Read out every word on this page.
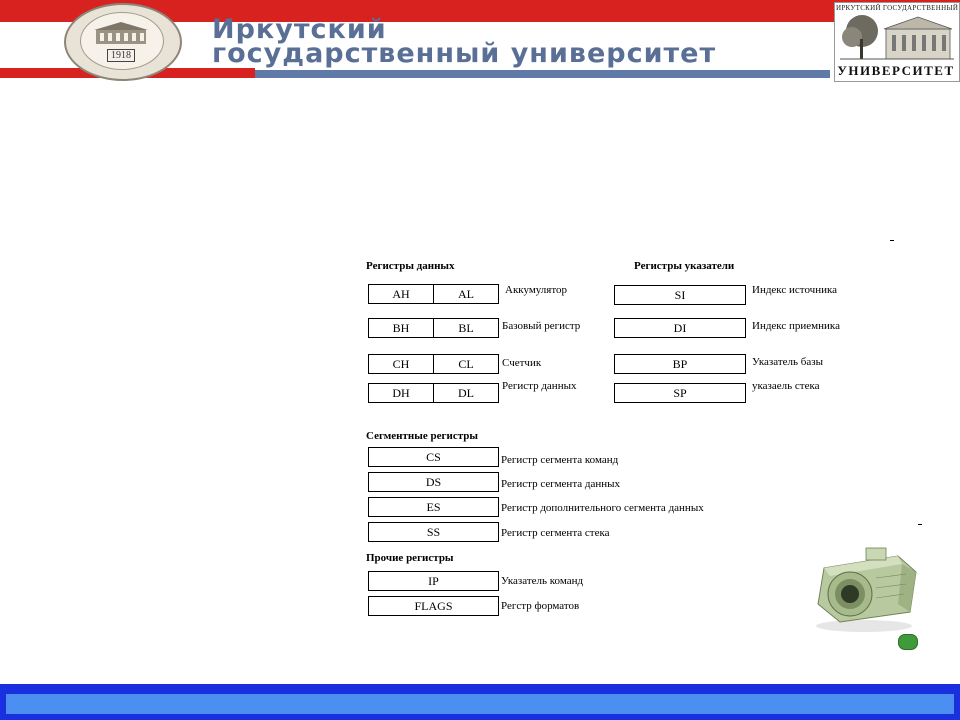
1918
Иркутский
государственный университет
ИРКУТСКИЙ ГОСУДАРСТВЕННЫЙ
УНИВЕРСИТЕТ
Регистры данных
AH	AL	Аккумулятор
BH	BL	Базовый регистр
CH	CL	Счетчик
DH	DL	Регистр данных
Регистры указатели
SI	Индекс источника
DI	Индекс приемника
BP	Указатель базы
SP	указаель стека
Сегментные регистры
CS	Регистр сегмента команд
DS	Регистр сегмента данных
ES	Регистр дополнительного сегмента данных
SS	Регистр сегмента стека
Прочие регистры
IP	Указатель команд
FLAGS	Регстр форматов
